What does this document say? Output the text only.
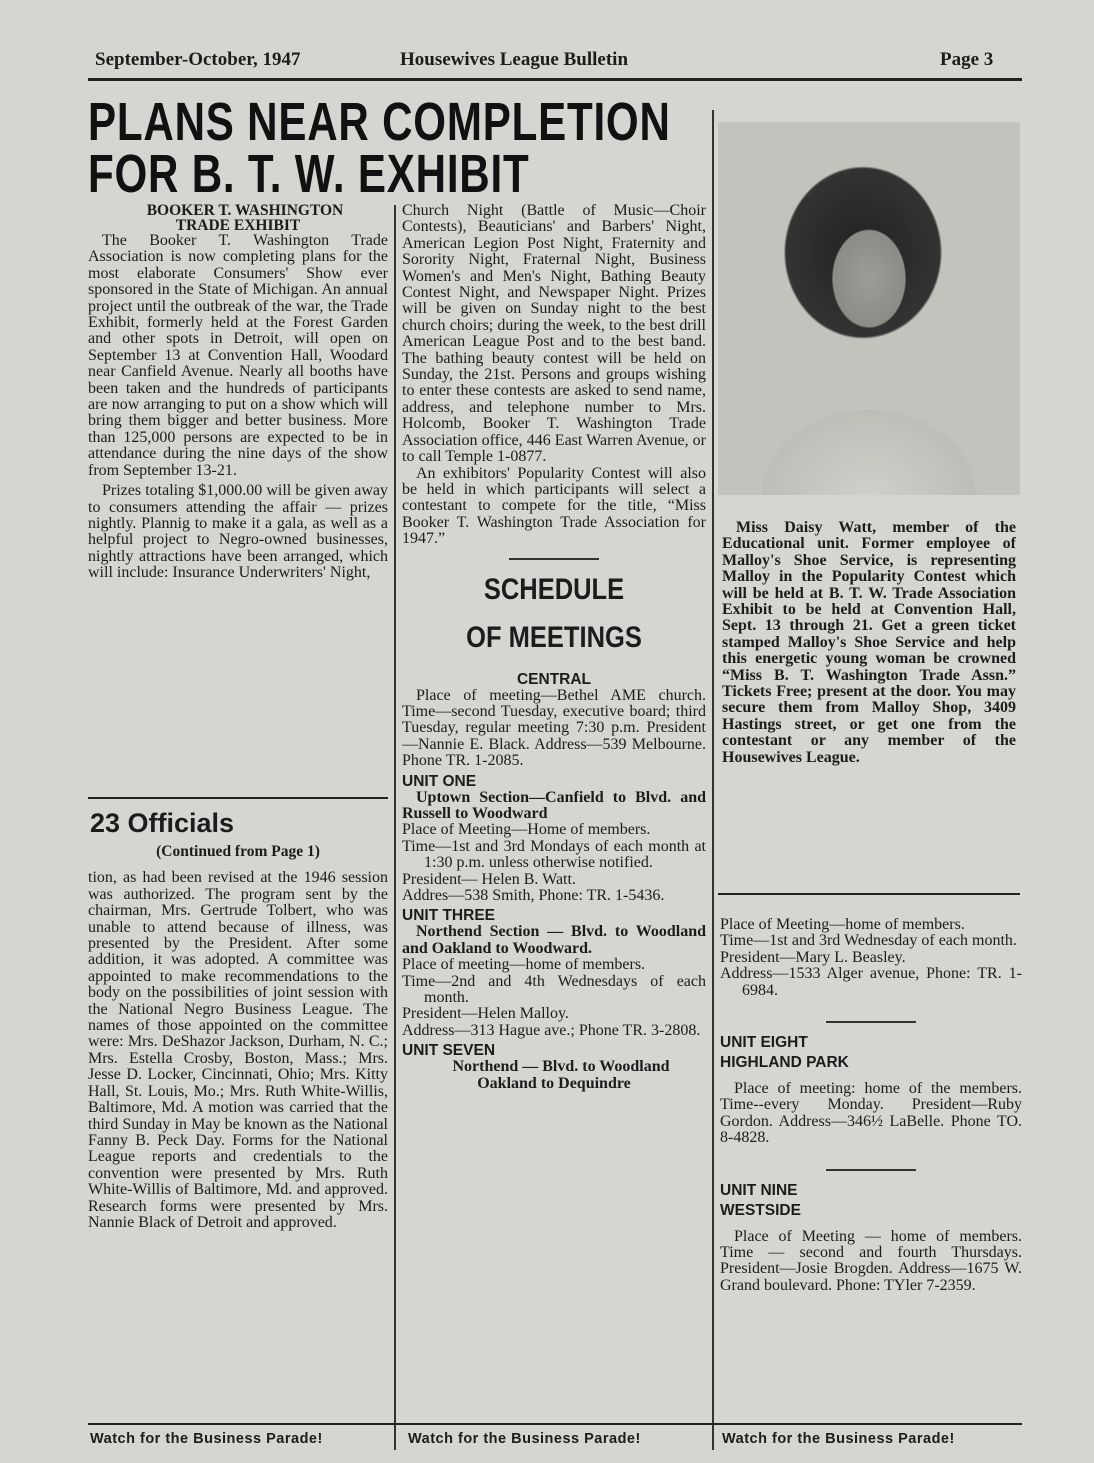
September-October, 1947	Housewives League Bulletin	Page 3
PLANS NEAR COMPLETION
FOR B. T. W. EXHIBIT

BOOKER T. WASHINGTON TRADE EXHIBIT

The Booker T. Washington Trade Association is now completing plans for the most elaborate Consumers' Show ever sponsored in the State of Michigan. An annual project until the outbreak of the war, the Trade Exhibit, formerly held at the Forest Garden and other spots in Detroit, will open on September 13 at Convention Hall, Woodard near Canfield Avenue. Nearly all booths have been taken and the hundreds of participants are now arranging to put on a show which will bring them bigger and better business. More than 125,000 persons are expected to be in attendance during the nine days of the show from September 13-21.

Prizes totaling $1,000.00 will be given away to consumers attending the affair — prizes nightly. Plannig to make it a gala, as well as a helpful project to Negro-owned businesses, nightly attractions have been arranged, which will include: Insurance Underwriters' Night,

23 Officials
(Continued from Page 1)

tion, as had been revised at the 1946 session was authorized. The program sent by the chairman, Mrs. Gertrude Tolbert, who was unable to attend because of illness, was presented by the President. After some addition, it was adopted. A committee was appointed to make recommendations to the body on the possibilities of joint session with the National Negro Business League. The names of those appointed on the committee were: Mrs. DeShazor Jackson, Durham, N. C.; Mrs. Estella Crosby, Boston, Mass.; Mrs. Jesse D. Locker, Cincinnati, Ohio; Mrs. Kitty Hall, St. Louis, Mo.; Mrs. Ruth White-Willis, Baltimore, Md. A motion was carried that the third Sunday in May be known as the National Fanny B. Peck Day. Forms for the National League reports and credentials to the convention were presented by Mrs. Ruth White-Willis of Baltimore, Md. and approved. Research forms were presented by Mrs. Nannie Black of Detroit and approved.

Church Night (Battle of Music—Choir Contests), Beauticians' and Barbers' Night, American Legion Post Night, Fraternity and Sorority Night, Fraternal Night, Business Women's and Men's Night, Bathing Beauty Contest Night, and Newspaper Night. Prizes will be given on Sunday night to the best church choirs; during the week, to the best drill American League Post and to the best band. The bathing beauty contest will be held on Sunday, the 21st. Persons and groups wishing to enter these contests are asked to send name, address, and telephone number to Mrs. Holcomb, Booker T. Washington Trade Association office, 446 East Warren Avenue, or to call Temple 1-0877.

An exhibitors' Popularity Contest will also be held in which participants will select a contestant to compete for the title, “Miss Booker T. Washington Trade Association for 1947.”

SCHEDULE
OF MEETINGS
CENTRAL

Place of meeting—Bethel AME church. Time—second Tuesday, executive board; third Tuesday, regular meeting 7:30 p.m. President—Nannie E. Black. Address—539 Melbourne. Phone TR. 1-2085.

UNIT ONE

Uptown Section—Canfield to Blvd. and Russell to Woodward

Place of Meeting—Home of members.

Time—1st and 3rd Mondays of each month at 1:30 p.m. unless otherwise notified.

President— Helen B. Watt.

Addres—538 Smith, Phone: TR. 1-5436.

UNIT THREE

Northend Section — Blvd. to Woodland and Oakland to Woodward.

Place of meeting—home of members.

Time—2nd and 4th Wednesdays of each month.

President—Helen Malloy.

Address—313 Hague ave.; Phone TR. 3-2808.

UNIT SEVEN

Northend — Blvd. to Woodland Oakland to Dequindre

Miss Daisy Watt, member of the Educational unit. Former employee of Malloy's Shoe Service, is representing Malloy in the Popularity Contest which will be held at B. T. W. Trade Association Exhibit to be held at Convention Hall, Sept. 13 through 21. Get a green ticket stamped Malloy's Shoe Service and help this energetic young woman be crowned “Miss B. T. Washington Trade Assn.” Tickets Free; present at the door. You may secure them from Malloy Shop, 3409 Hastings street, or get one from the contestant or any member of the Housewives League.

Place of Meeting—home of members.

Time—1st and 3rd Wednesday of each month.

President—Mary L. Beasley.

Address—1533 Alger avenue, Phone: TR. 1-6984.

UNIT EIGHT
HIGHLAND PARK

Place of meeting: home of the members. Time--every Monday. President—Ruby Gordon. Address—346½ LaBelle. Phone TO. 8-4828.

UNIT NINE
WESTSIDE

Place of Meeting — home of members. Time — second and fourth Thursdays. President—Josie Brogden. Address—1675 W. Grand boulevard. Phone: TYler 7-2359.

Watch for the Business Parade!	Watch for the Business Parade!	Watch for the Business Parade!
